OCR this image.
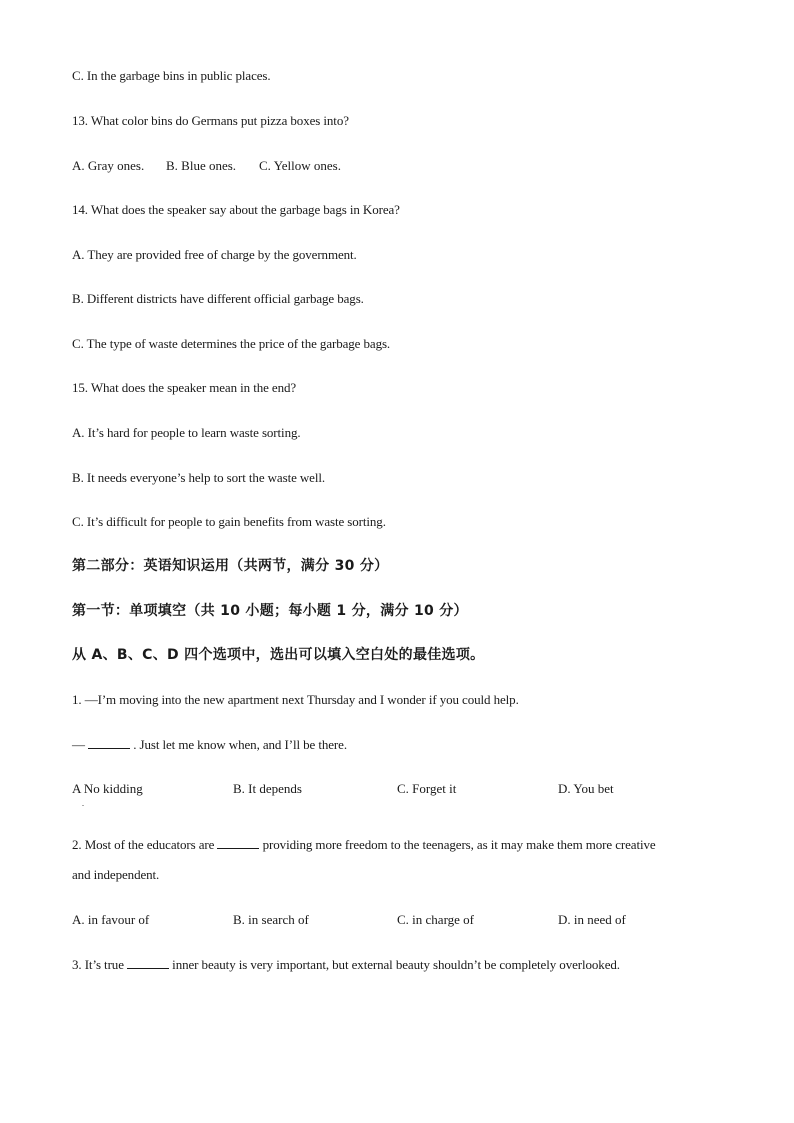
C. In the garbage bins in public places.
13. What color bins do Germans put pizza boxes into?
A. Gray ones. B. Blue ones. C. Yellow ones.
14. What does the speaker say about the garbage bags in Korea?
A. They are provided free of charge by the government.
B. Different districts have different official garbage bags.
C. The type of waste determines the price of the garbage bags.
15. What does the speaker mean in the end?
A. It’s hard for people to learn waste sorting.
B. It needs everyone’s help to sort the waste well.
C. It’s difficult for people to gain benefits from waste sorting.
第二部分：英语知识运用（共两节，满分 30 分）
第一节：单项填空（共 10 小题；每小题 1 分，满分 10 分）
从 A、B、C、D 四个选项中，选出可以填入空白处的最佳选项。
1. —I’m moving into the new apartment next Thursday and I wonder if you could help.
—	. Just let me know when, and I’ll be there.
A No kidding	B. It depends	C. Forget it	D. You bet
.
2. Most of the educators are	providing more freedom to the teenagers, as it may make them more creative
and independent.
A. in favour of	B. in search of	C. in charge of	D. in need of
3. It’s true	inner beauty is very important, but external beauty shouldn’t be completely overlooked.
